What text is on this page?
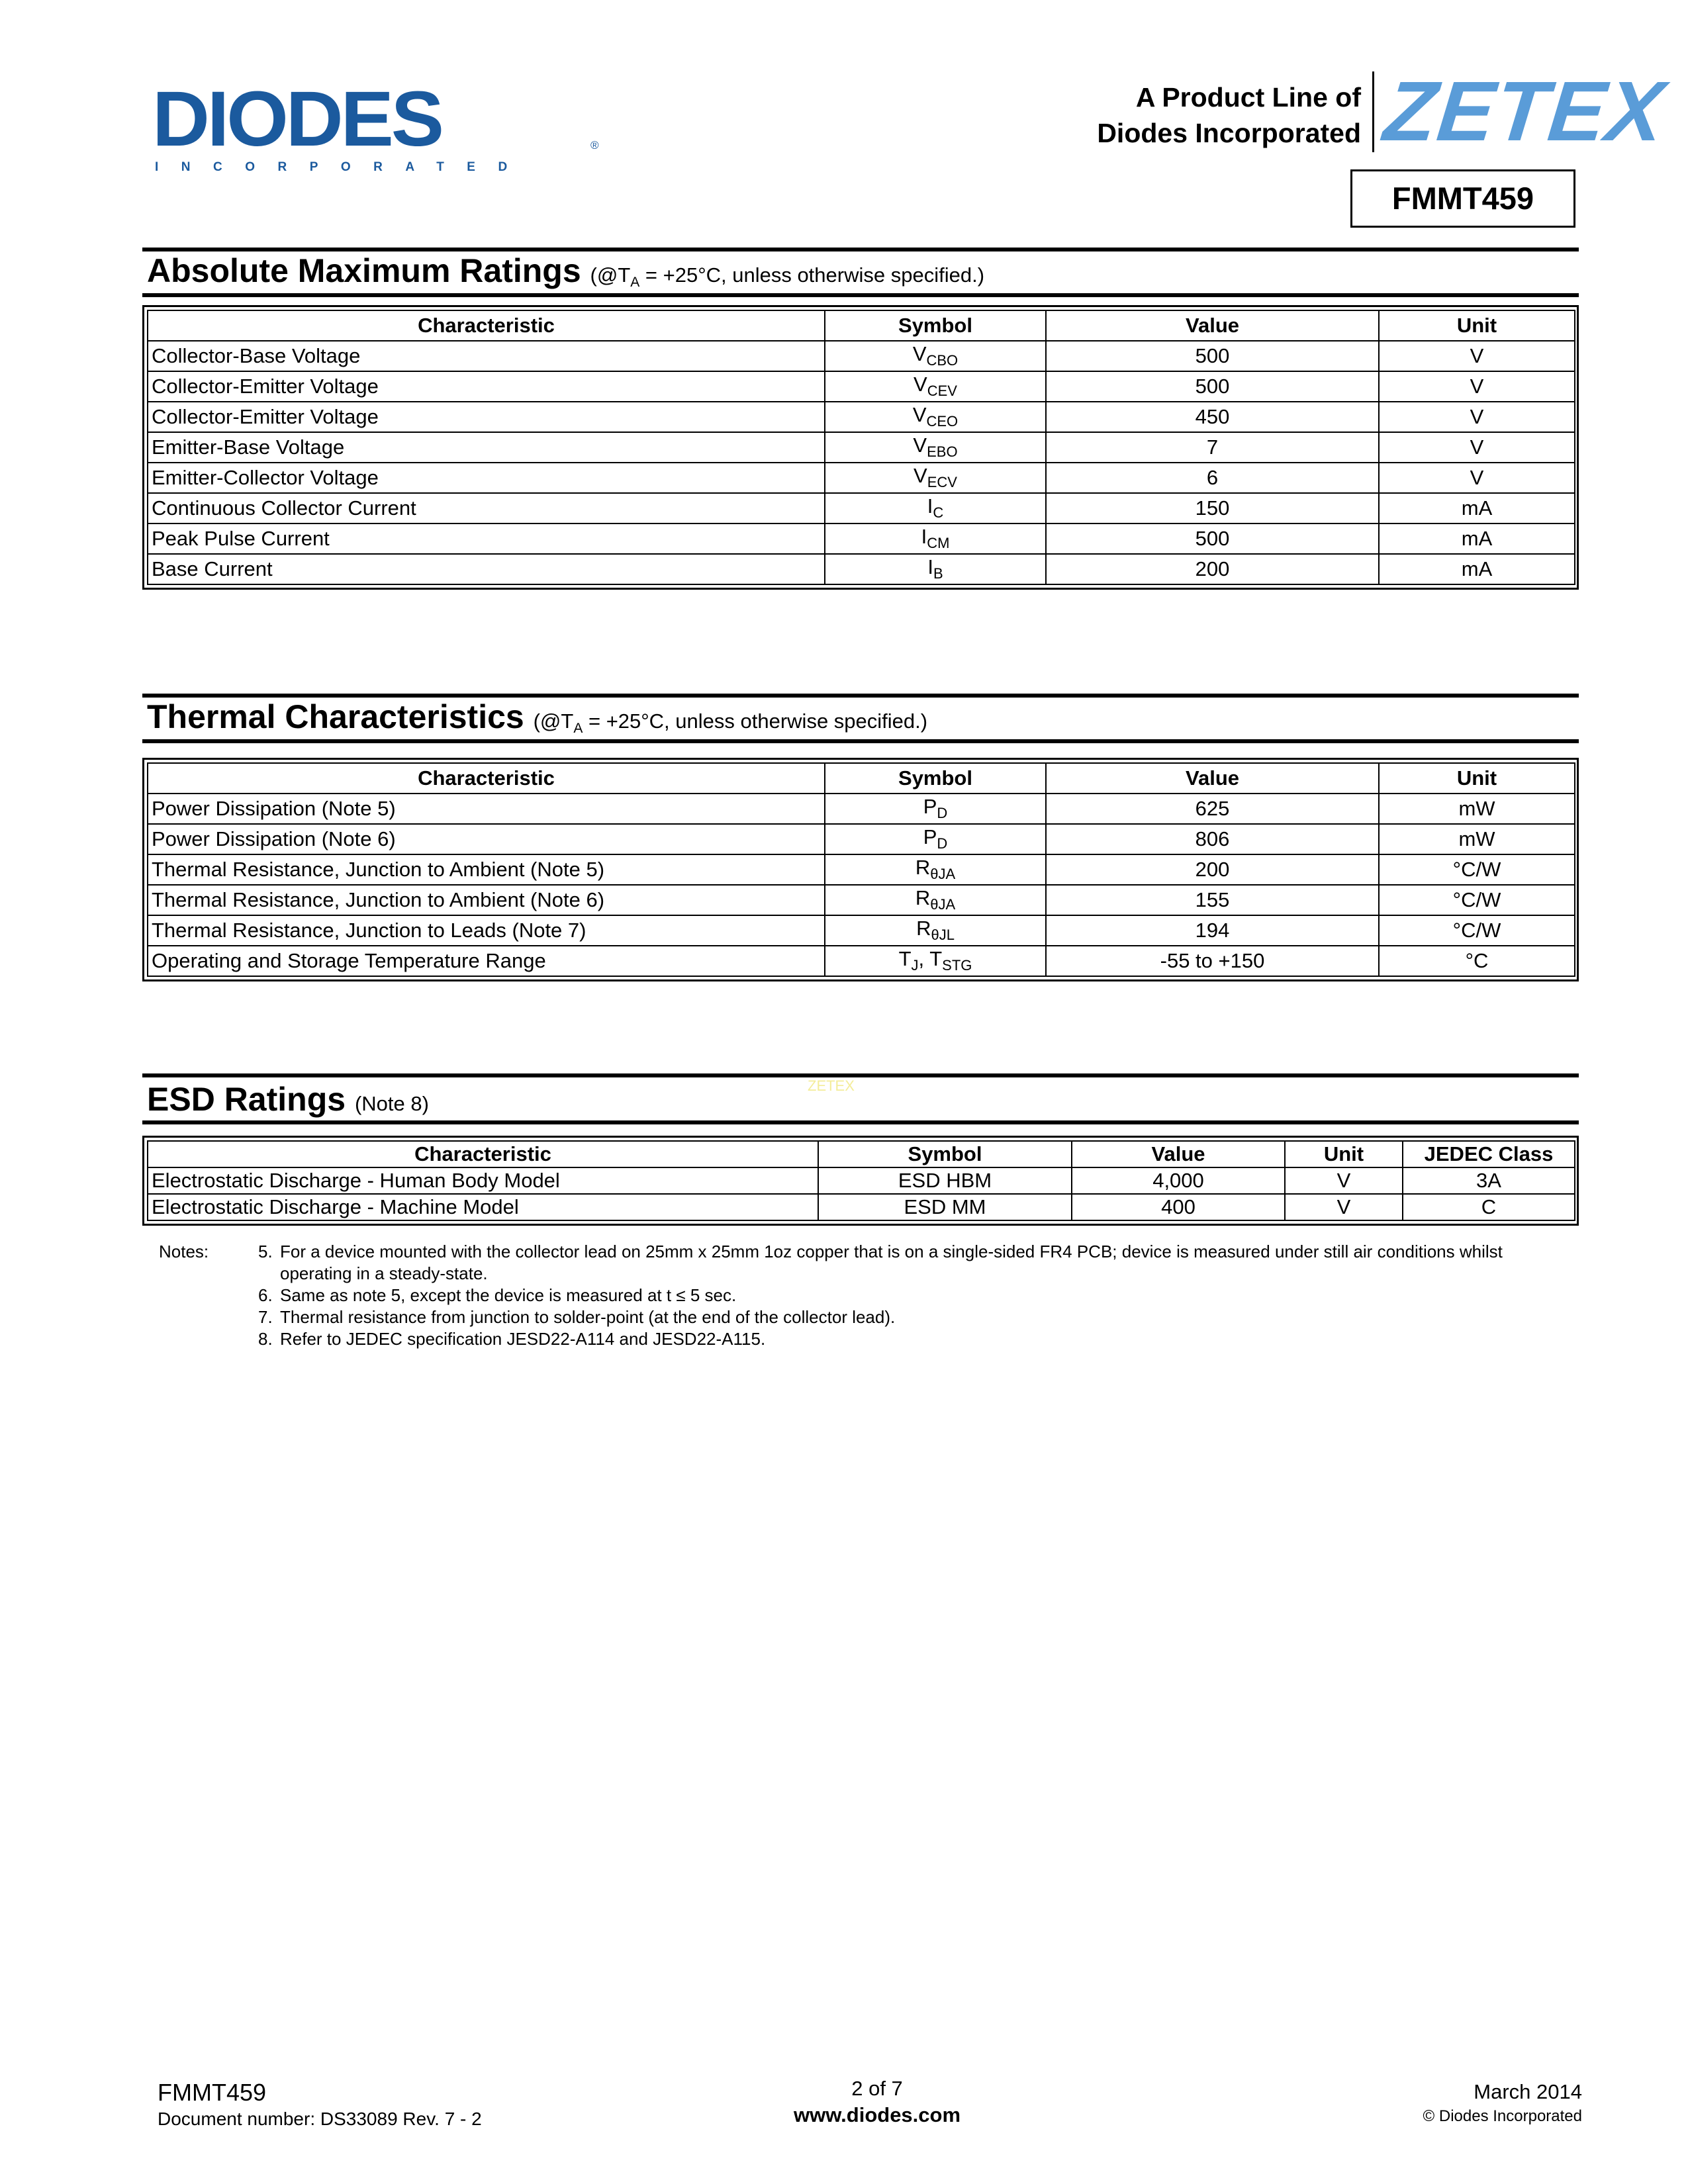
DIODES
INCORPORATED
®
A Product Line of
Diodes Incorporated ZETEX
FMMT459
Absolute Maximum Ratings ($@T_A = +25^\circ C$, unless otherwise specified.)
Characteristic	Symbol	Value	Unit
Collector-Base Voltage	$V_{CBO}$	500	V
Collector-Emitter Voltage	$V_{CEV}$	500	V
Collector-Emitter Voltage	$V_{CEO}$	450	V
Emitter-Base Voltage	$V_{EBO}$	7	V
Emitter-Collector Voltage	$V_{ECV}$	6	V
Continuous Collector Current	$I_C$	150	mA
Peak Pulse Current	$I_{CM}$	500	mA
Base Current	$I_B$	200	mA
Thermal Characteristics ($@T_A = +25^\circ C$, unless otherwise specified.)
Characteristic	Symbol	Value	Unit
Power Dissipation (Note 5)	$P_D$	625	mW
Power Dissipation (Note 6)	$P_D$	806	mW
Thermal Resistance, Junction to Ambient (Note 5)	$R_{\theta JA}$	200	°C/W
Thermal Resistance, Junction to Ambient (Note 6)	$R_{\theta JA}$	155	°C/W
Thermal Resistance, Junction to Leads (Note 7)	$R_{\theta JL}$	194	°C/W
Operating and Storage Temperature Range	$T_J$, $T_{STG}$	-55 to +150	°C
ZETEX
ESD Ratings (Note 8)
Characteristic	Symbol	Value	Unit	JEDEC Class
Electrostatic Discharge - Human Body Model	ESD HBM	4,000	V	3A
Electrostatic Discharge - Machine Model	ESD MM	400	V	C
Notes:	5. For a device mounted with the collector lead on 25mm x 25mm 1oz copper that is on a single-sided FR4 PCB; device is measured under still air conditions whilst operating in a steady-state.
6. Same as note 5, except the device is measured at t ≤ 5 sec.
7. Thermal resistance from junction to solder-point (at the end of the collector lead).
8. Refer to JEDEC specification JESD22-A114 and JESD22-A115.
FMMT459
Document number: DS33089 Rev. 7 - 2
2 of 7
www.diodes.com
March 2014
© Diodes Incorporated
